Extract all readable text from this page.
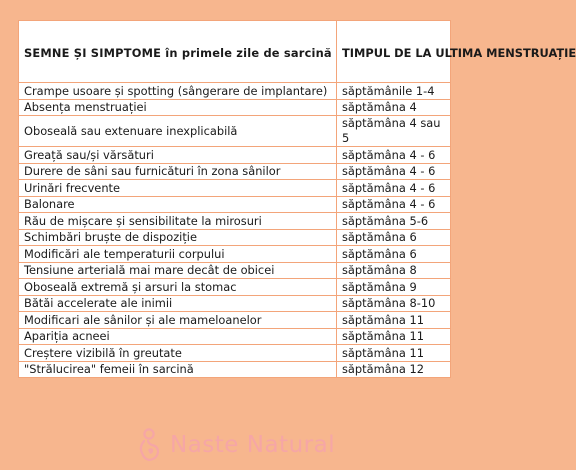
SEMNE ȘI SIMPTOME în primele zile de sarcină	TIMPUL DE LA ULTIMA MENSTRUAȚIE
Crampe usoare și spotting (sângerare de implantare)	săptămânile 1-4
Absența menstruației	săptămâna 4
Oboseală sau extenuare inexplicabilă	săptămâna 4 sau 5
Greață sau/și vărsături	săptămâna 4 - 6
Durere de sâni sau furnicături în zona sânilor	săptămâna 4 - 6
Urinări frecvente	săptămâna 4 - 6
Balonare	săptămâna 4 - 6
Rău de mișcare și sensibilitate la mirosuri	săptămâna 5-6
Schimbări bruște de dispoziție	săptămâna 6
Modificări ale temperaturii corpului	săptămâna 6
Tensiune arterială mai mare decât de obicei	săptămâna 8
Oboseală extremă și arsuri la stomac	săptămâna 9
Bătăi accelerate ale inimii	săptămâna 8-10
Modificari ale sânilor și ale mameloanelor	săptămâna 11
Apariția acneei	săptămâna 11
Creștere vizibilă în greutate	săptămâna 11
"Strălucirea" femeii în sarcină	săptămâna 12
Naste Natural
